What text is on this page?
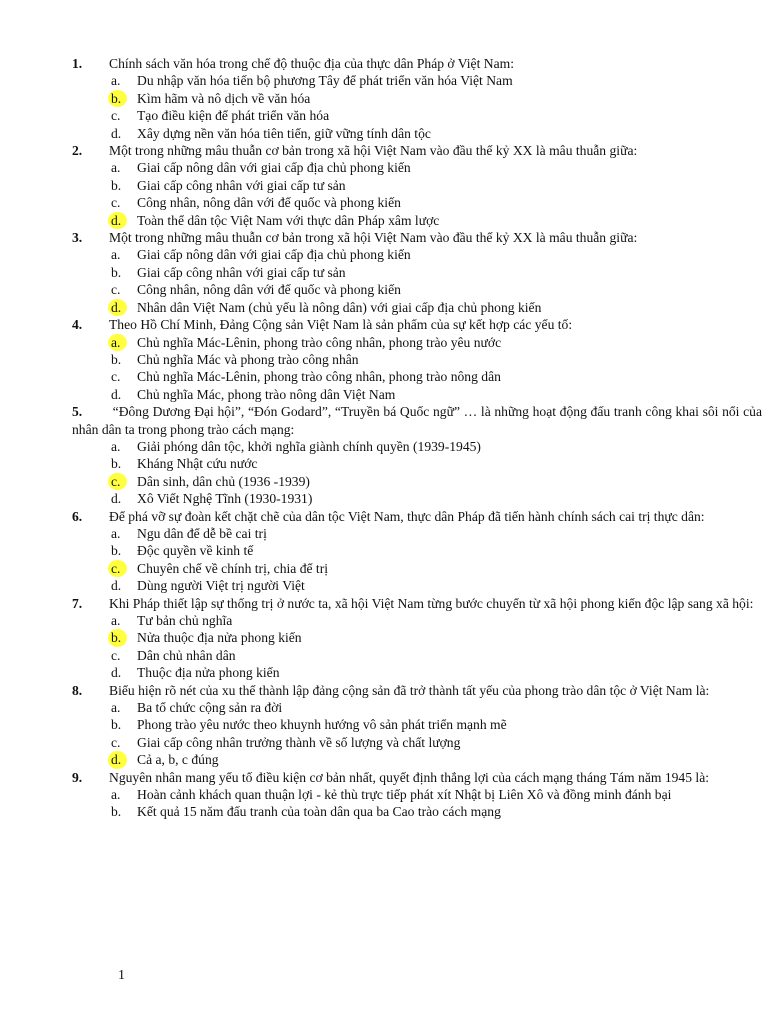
1. Chính sách văn hóa trong chế độ thuộc địa của thực dân Pháp ở Việt Nam:
a.	Du nhập văn hóa tiến bộ phương Tây để phát triển văn hóa Việt Nam
b.	Kìm hãm và nô dịch về văn hóa
c.	Tạo điều kiện để phát triển văn hóa
d.	Xây dựng nền văn hóa tiên tiến, giữ vững tính dân tộc
2. Một trong những mâu thuẫn cơ bản trong xã hội Việt Nam vào đầu thế kỷ XX là mâu thuẫn giữa:
a.	Giai cấp nông dân với giai cấp địa chủ phong kiến
b.	Giai cấp công nhân với giai cấp tư sản
c.	Công nhân, nông dân với đế quốc và phong kiến
d.	Toàn thể dân tộc Việt Nam với thực dân Pháp xâm lược
3. Một trong những mâu thuẫn cơ bản trong xã hội Việt Nam vào đầu thế kỷ XX là mâu thuẫn giữa:
a.	Giai cấp nông dân với giai cấp địa chủ phong kiến
b.	Giai cấp công nhân với giai cấp tư sản
c.	Công nhân, nông dân với đế quốc và phong kiến
d.	Nhân dân Việt Nam (chủ yếu là nông dân) với giai cấp địa chủ phong kiến
4. Theo Hồ Chí Minh, Đảng Cộng sản Việt Nam là sản phẩm của sự kết hợp các yếu tố:
a.	Chủ nghĩa Mác-Lênin, phong trào công nhân, phong trào yêu nước
b.	Chủ nghĩa Mác và phong trào công nhân
c.	Chủ nghĩa Mác-Lênin, phong trào công nhân, phong trào nông dân
d.	Chủ nghĩa Mác, phong trào nông dân Việt Nam
5. “Đông Dương Đại hội”, “Đón Godard”, “Truyền bá Quốc ngữ” … là những hoạt động đấu tranh công khai sôi nổi của nhân dân ta trong phong trào cách mạng:
a.	Giải phóng dân tộc, khởi nghĩa giành chính quyền (1939-1945)
b.	Kháng Nhật cứu nước
c.	Dân sinh, dân chủ (1936 -1939)
d.	Xô Viết Nghệ Tĩnh (1930-1931)
6. Để phá vỡ sự đoàn kết chặt chẽ của dân tộc Việt Nam, thực dân Pháp đã tiến hành chính sách cai trị thực dân:
a.	Ngu dân để dễ bề cai trị
b.	Độc quyền về kinh tế
c.	Chuyên chế về chính trị, chia để trị
d.	Dùng người Việt trị người Việt
7. Khi Pháp thiết lập sự thống trị ở nước ta, xã hội Việt Nam từng bước chuyển từ xã hội phong kiến độc lập sang xã hội:
a.	Tư bản chủ nghĩa
b.	Nửa thuộc địa nửa phong kiến
c.	Dân chủ nhân dân
d.	Thuộc địa nửa phong kiến
8. Biểu hiện rõ nét của xu thế thành lập đảng cộng sản đã trở thành tất yếu của phong trào dân tộc ở Việt Nam là:
a.	Ba tổ chức cộng sản ra đời
b.	Phong trào yêu nước theo khuynh hướng vô sản phát triển mạnh mẽ
c.	Giai cấp công nhân trưởng thành về số lượng và chất lượng
d.	Cả a, b, c đúng
9. Nguyên nhân mang yếu tố điều kiện cơ bản nhất, quyết định thắng lợi của cách mạng tháng Tám năm 1945 là:
a.	Hoàn cảnh khách quan thuận lợi - kẻ thù trực tiếp phát xít Nhật bị Liên Xô và đồng minh đánh bại
b.	Kết quả 15 năm đấu tranh của toàn dân qua ba Cao trào cách mạng
1
